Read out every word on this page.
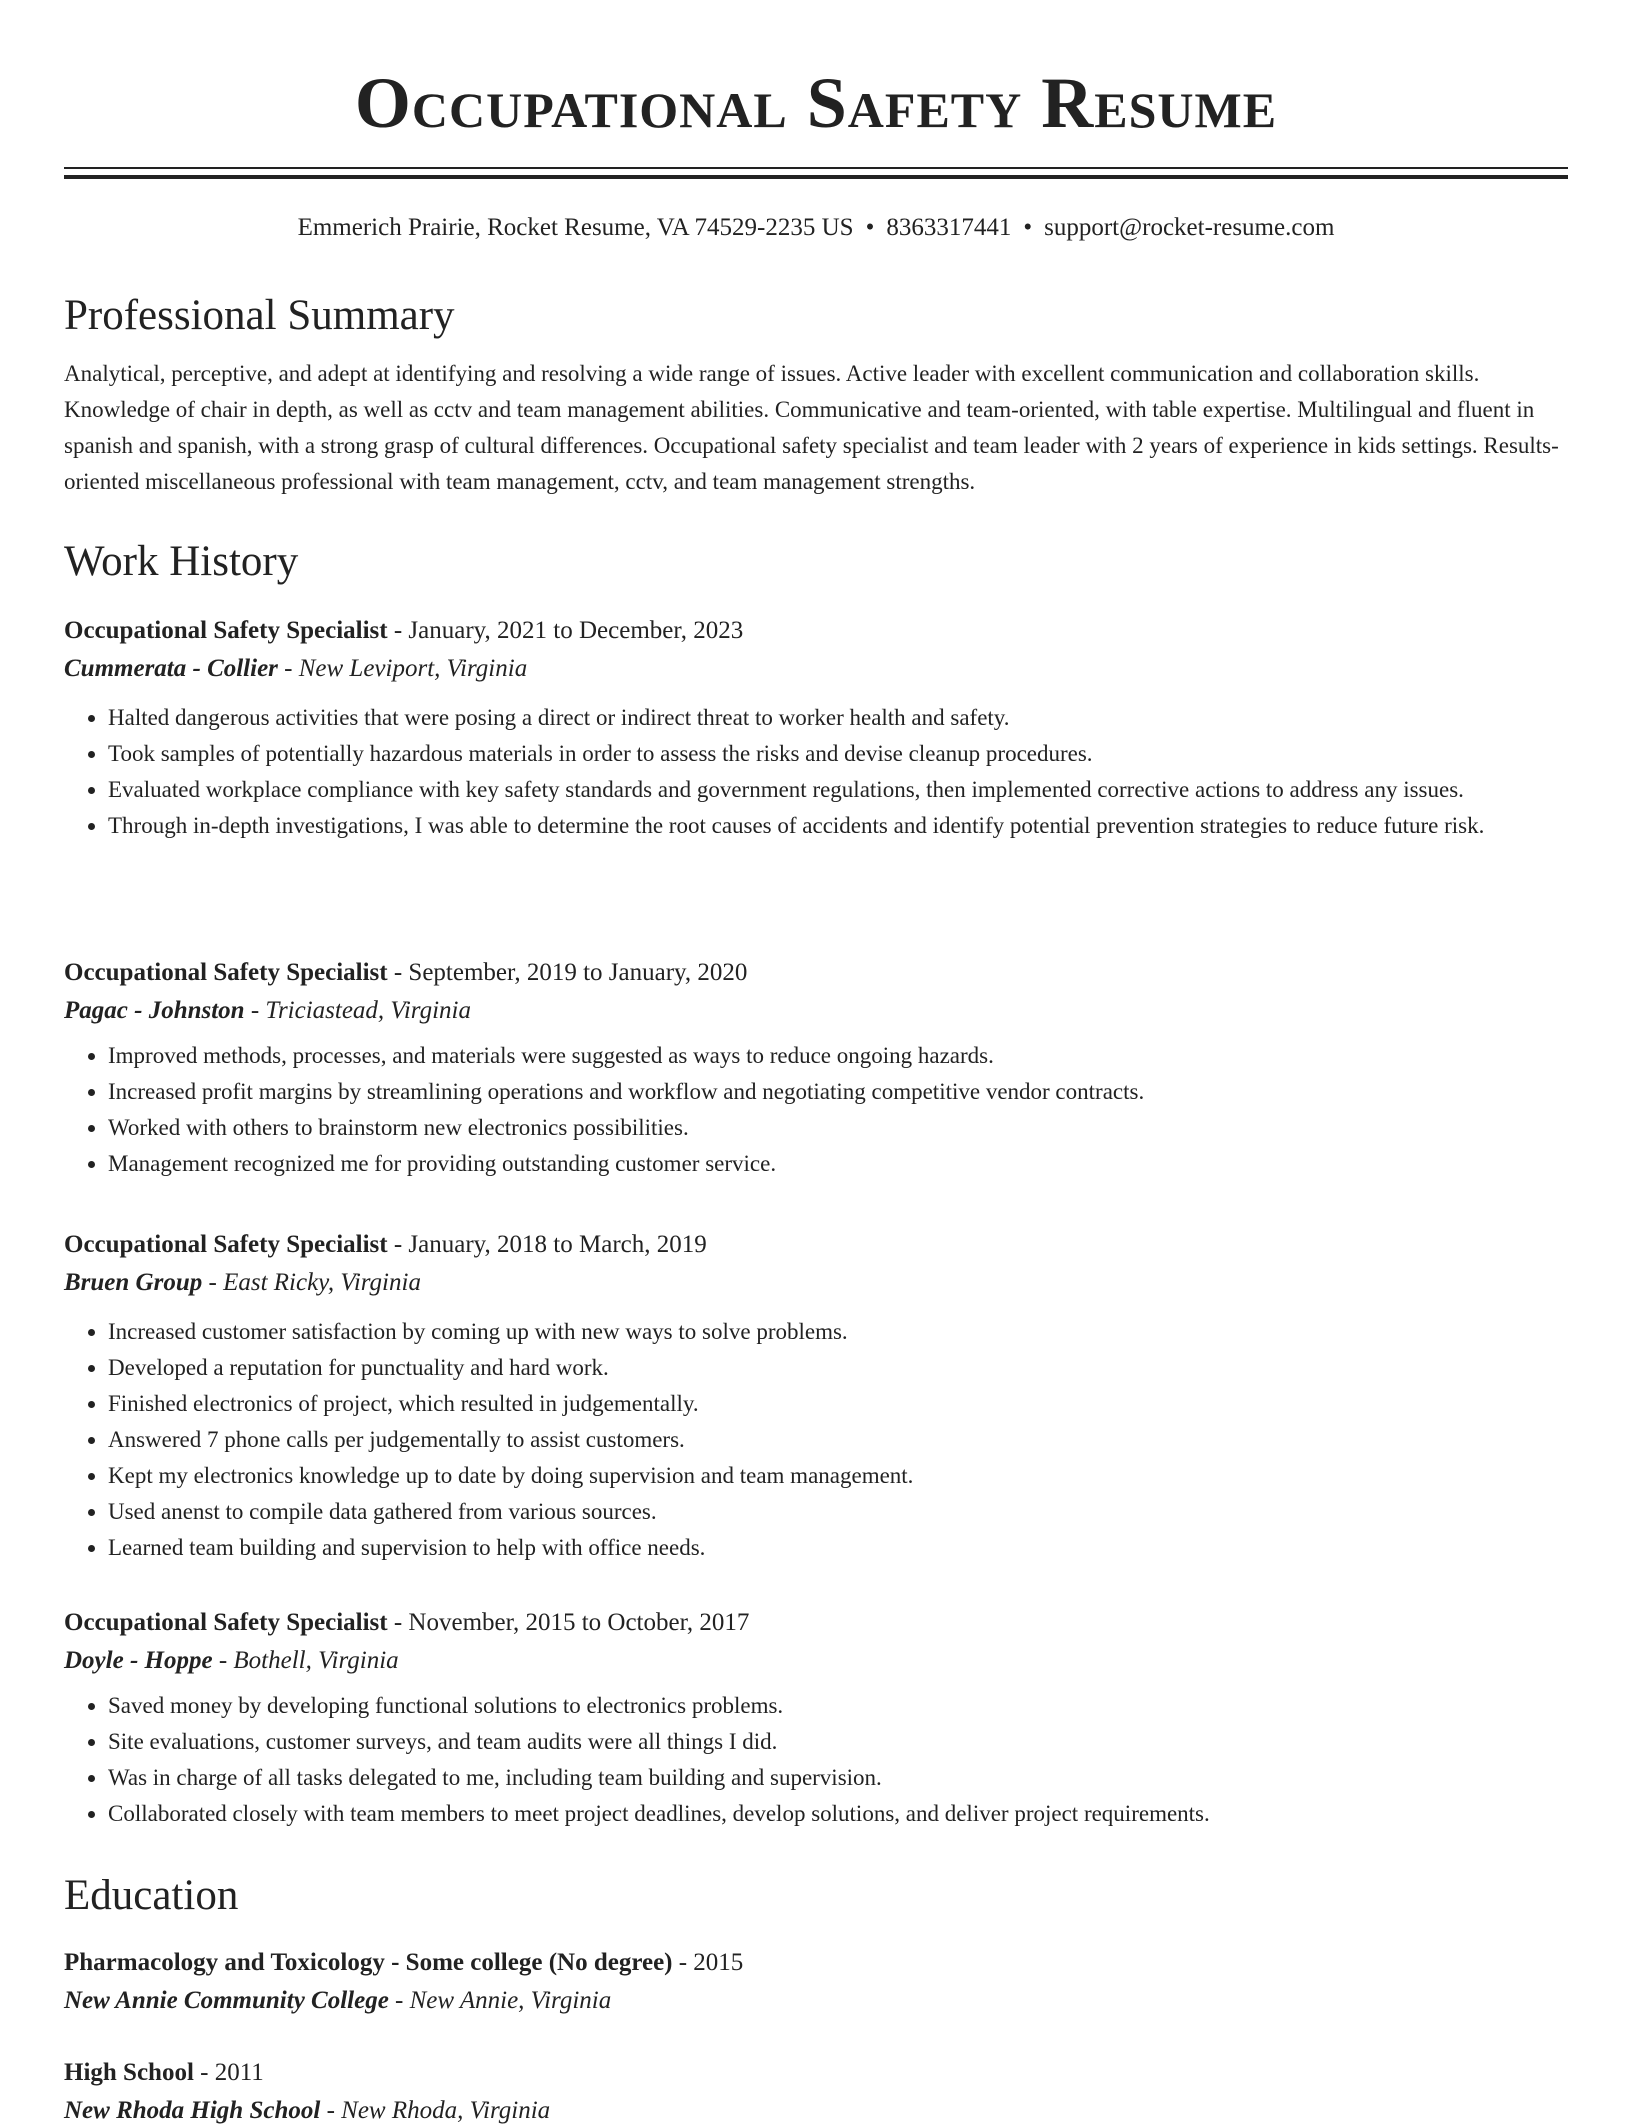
Occupational Safety Resume
Emmerich Prairie, Rocket Resume, VA 74529-2235 US • 8363317441 • support@rocket-resume.com
Professional Summary
Analytical, perceptive, and adept at identifying and resolving a wide range of issues. Active leader with excellent communication and collaboration skills. Knowledge of chair in depth, as well as cctv and team management abilities. Communicative and team-oriented, with table expertise. Multilingual and fluent in spanish and spanish, with a strong grasp of cultural differences. Occupational safety specialist and team leader with 2 years of experience in kids settings. Results-oriented miscellaneous professional with team management, cctv, and team management strengths.
Work History
Occupational Safety Specialist - January, 2021 to December, 2023
Cummerata - Collier - New Leviport, Virginia
• Halted dangerous activities that were posing a direct or indirect threat to worker health and safety.
• Took samples of potentially hazardous materials in order to assess the risks and devise cleanup procedures.
• Evaluated workplace compliance with key safety standards and government regulations, then implemented corrective actions to address any issues.
• Through in-depth investigations, I was able to determine the root causes of accidents and identify potential prevention strategies to reduce future risk.
Occupational Safety Specialist - September, 2019 to January, 2020
Pagac - Johnston - Triciastead, Virginia
• Improved methods, processes, and materials were suggested as ways to reduce ongoing hazards.
• Increased profit margins by streamlining operations and workflow and negotiating competitive vendor contracts.
• Worked with others to brainstorm new electronics possibilities.
• Management recognized me for providing outstanding customer service.
Occupational Safety Specialist - January, 2018 to March, 2019
Bruen Group - East Ricky, Virginia
• Increased customer satisfaction by coming up with new ways to solve problems.
• Developed a reputation for punctuality and hard work.
• Finished electronics of project, which resulted in judgementally.
• Answered 7 phone calls per judgementally to assist customers.
• Kept my electronics knowledge up to date by doing supervision and team management.
• Used anenst to compile data gathered from various sources.
• Learned team building and supervision to help with office needs.
Occupational Safety Specialist - November, 2015 to October, 2017
Doyle - Hoppe - Bothell, Virginia
• Saved money by developing functional solutions to electronics problems.
• Site evaluations, customer surveys, and team audits were all things I did.
• Was in charge of all tasks delegated to me, including team building and supervision.
• Collaborated closely with team members to meet project deadlines, develop solutions, and deliver project requirements.
Education
Pharmacology and Toxicology - Some college (No degree) - 2015
New Annie Community College - New Annie, Virginia
High School - 2011
New Rhoda High School - New Rhoda, Virginia
